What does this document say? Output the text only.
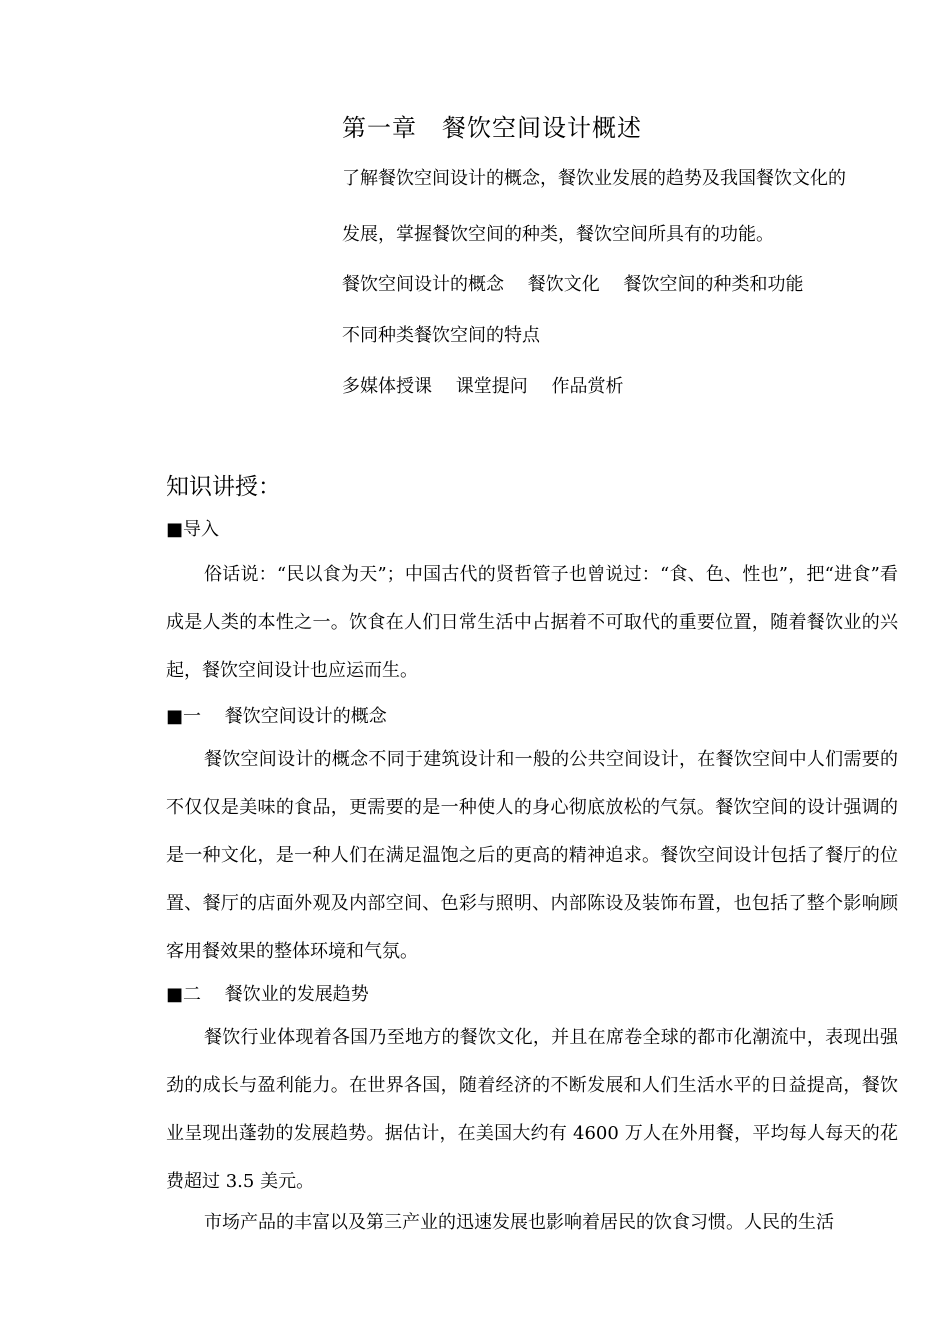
第一章　餐饮空间设计概述
了解餐饮空间设计的概念，餐饮业发展的趋势及我国餐饮文化的
发展，掌握餐饮空间的种类，餐饮空间所具有的功能。
餐饮空间设计的概念　 餐饮文化　 餐饮空间的种类和功能
不同种类餐饮空间的特点
多媒体授课　 课堂提问　 作品赏析
知识讲授：
■导入

俗话说：“民以食为天”；中国古代的贤哲管子也曾说过：“食、色、性也”，把“进食”看成是人类的本性之一。饮食在人们日常生活中占据着不可取代的重要位置，随着餐饮业的兴起，餐饮空间设计也应运而生。

■一　 餐饮空间设计的概念

餐饮空间设计的概念不同于建筑设计和一般的公共空间设计，在餐饮空间中人们需要的不仅仅是美味的食品，更需要的是一种使人的身心彻底放松的气氛。餐饮空间的设计强调的是一种文化，是一种人们在满足温饱之后的更高的精神追求。餐饮空间设计包括了餐厅的位置、餐厅的店面外观及内部空间、色彩与照明、内部陈设及装饰布置，也包括了整个影响顾客用餐效果的整体环境和气氛。

■二　 餐饮业的发展趋势

餐饮行业体现着各国乃至地方的餐饮文化，并且在席卷全球的都市化潮流中，表现出强劲的成长与盈利能力。在世界各国，随着经济的不断发展和人们生活水平的日益提高，餐饮业呈现出蓬勃的发展趋势。据估计，在美国大约有 4600 万人在外用餐，平均每人每天的花费超过 3.5 美元。

市场产品的丰富以及第三产业的迅速发展也影响着居民的饮食习惯。人民的生活
